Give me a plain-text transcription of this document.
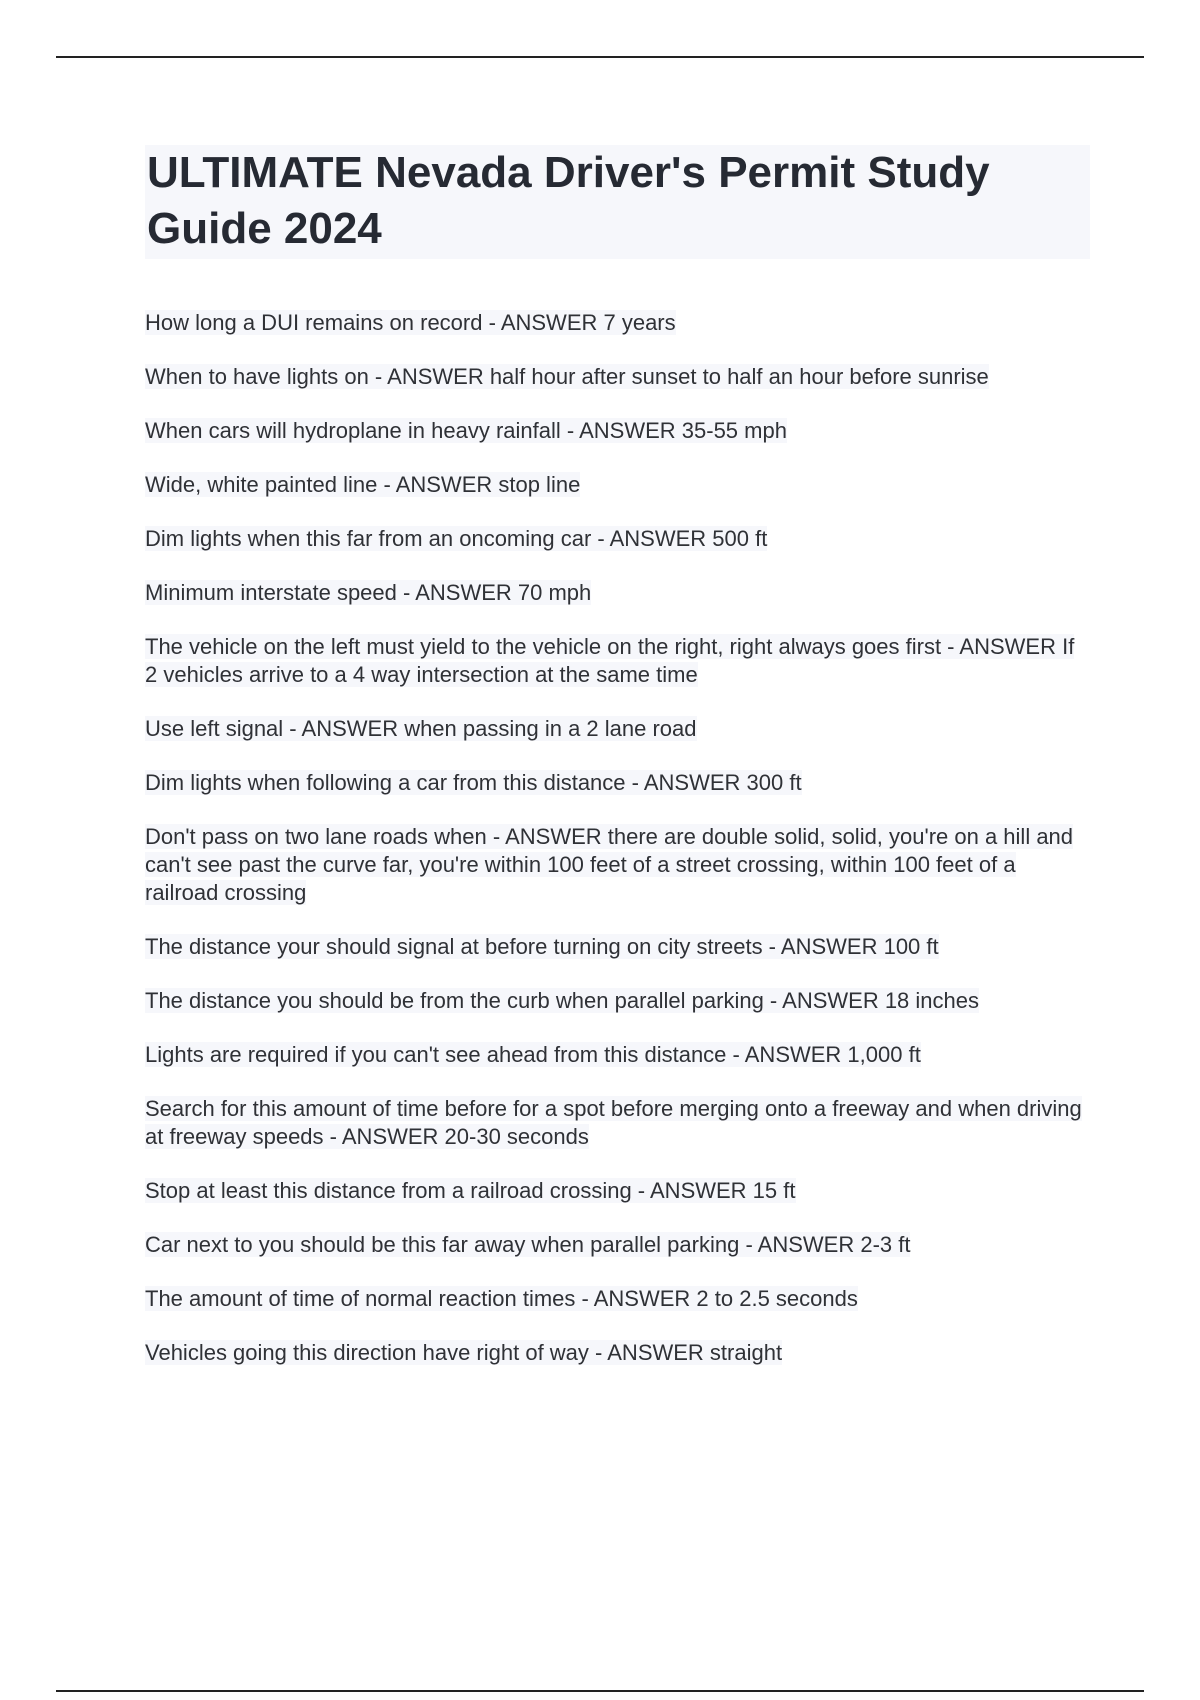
ULTIMATE Nevada Driver's Permit Study Guide 2024
How long a DUI remains on record - ANSWER 7 years
When to have lights on - ANSWER half hour after sunset to half an hour before sunrise
When cars will hydroplane in heavy rainfall - ANSWER 35-55 mph
Wide, white painted line - ANSWER stop line
Dim lights when this far from an oncoming car - ANSWER 500 ft
Minimum interstate speed - ANSWER 70 mph
The vehicle on the left must yield to the vehicle on the right, right always goes first - ANSWER If 2 vehicles arrive to a 4 way intersection at the same time
Use left signal - ANSWER when passing in a 2 lane road
Dim lights when following a car from this distance - ANSWER 300 ft
Don't pass on two lane roads when - ANSWER there are double solid, solid, you're on a hill and can't see past the curve far, you're within 100 feet of a street crossing, within 100 feet of a railroad crossing
The distance your should signal at before turning on city streets - ANSWER 100 ft
The distance you should be from the curb when parallel parking - ANSWER 18 inches
Lights are required if you can't see ahead from this distance - ANSWER 1,000 ft
Search for this amount of time before for a spot before merging onto a freeway and when driving at freeway speeds - ANSWER 20-30 seconds
Stop at least this distance from a railroad crossing - ANSWER 15 ft
Car next to you should be this far away when parallel parking - ANSWER 2-3 ft
The amount of time of normal reaction times - ANSWER 2 to 2.5 seconds
Vehicles going this direction have right of way - ANSWER straight
